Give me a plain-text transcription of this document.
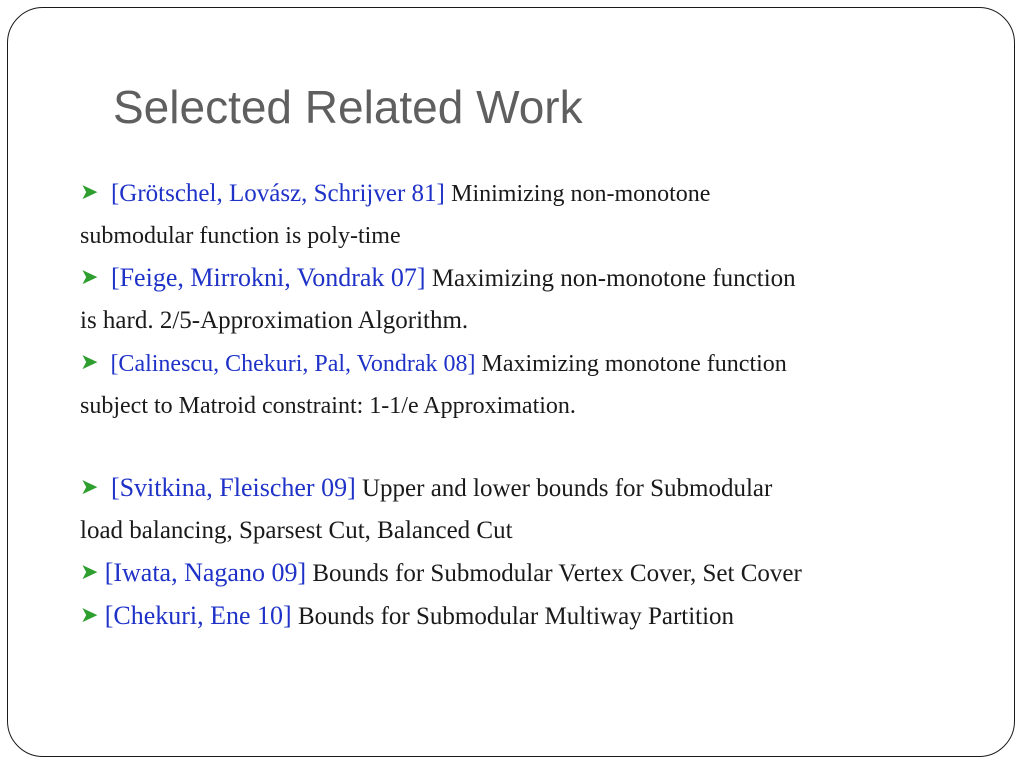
Selected Related Work
➤ [Grötschel, Lovász, Schrijver 81] Minimizing non-monotone
submodular function is poly-time
➤ [Feige, Mirrokni, Vondrak 07] Maximizing non-monotone function
is hard. 2/5-Approximation Algorithm.
➤ [Calinescu, Chekuri, Pal, Vondrak 08] Maximizing monotone function
subject to Matroid constraint: 1-1/e Approximation.
➤ [Svitkina, Fleischer 09] Upper and lower bounds for Submodular
load balancing, Sparsest Cut, Balanced Cut
➤ [Iwata, Nagano 09] Bounds for Submodular Vertex Cover, Set Cover
➤ [Chekuri, Ene 10] Bounds for Submodular Multiway Partition
